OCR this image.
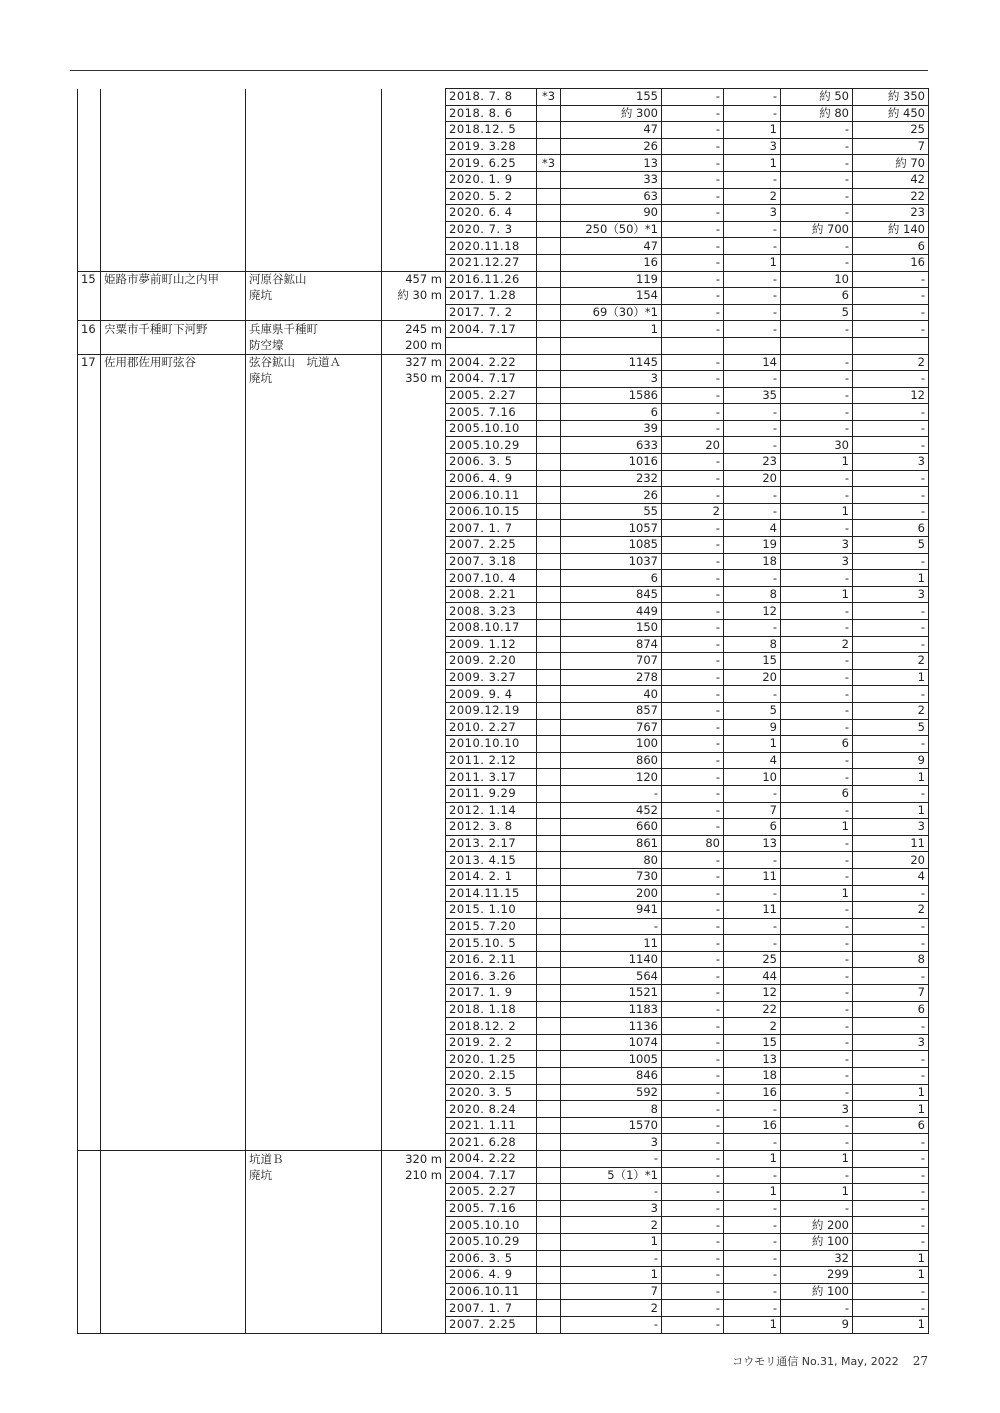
				2018. 7. 8	*3	155	-	-	約 50	約 350
				2018. 8. 6		約 300	-	-	約 80	約 450
				2018.12. 5		47	-	1	-	25
				2019. 3.28		26	-	3	-	7
				2019. 6.25	*3	13	-	1	-	約 70
				2020. 1. 9		33	-	-	-	42
				2020. 5. 2		63	-	2	-	22
				2020. 6. 4		90	-	3	-	23
				2020. 7. 3		250（50）*1	-	-	約 700	約 140
				2020.11.18		47	-	-	-	6
				2021.12.27		16	-	1	-	16
15	姫路市夢前町山之内甲	河原谷鉱山	457 m	2016.11.26		119	-	-	10	-
		廃坑	約 30 m	2017. 1.28		154	-	-	6	-
				2017. 7. 2		69（30）*1	-	-	5	-
16	宍粟市千種町下河野	兵庫県千種町	245 m	2004. 7.17		1	-	-	-	-
		防空壕	200 m							
17	佐用郡佐用町弦谷	弦谷鉱山　坑道Ａ	327 m	2004. 2.22		1145	-	14	-	2
		廃坑	350 m	2004. 7.17		3	-	-	-	-
				2005. 2.27		1586	-	35	-	12
				2005. 7.16		6	-	-	-	-
				2005.10.10		39	-	-	-	-
				2005.10.29		633	20	-	30	-
				2006. 3. 5		1016	-	23	1	3
				2006. 4. 9		232	-	20	-	-
				2006.10.11		26	-	-	-	-
				2006.10.15		55	2	-	1	-
				2007. 1. 7		1057	-	4	-	6
				2007. 2.25		1085	-	19	3	5
				2007. 3.18		1037	-	18	3	-
				2007.10. 4		6	-	-	-	1
				2008. 2.21		845	-	8	1	3
				2008. 3.23		449	-	12	-	-
				2008.10.17		150	-	-	-	-
				2009. 1.12		874	-	8	2	-
				2009. 2.20		707	-	15	-	2
				2009. 3.27		278	-	20	-	1
				2009. 9. 4		40	-	-	-	-
				2009.12.19		857	-	5	-	2
				2010. 2.27		767	-	9	-	5
				2010.10.10		100	-	1	6	-
				2011. 2.12		860	-	4	-	9
				2011. 3.17		120	-	10	-	1
				2011. 9.29		-	-	-	6	-
				2012. 1.14		452	-	7	-	1
				2012. 3. 8		660	-	6	1	3
				2013. 2.17		861	80	13	-	11
				2013. 4.15		80	-	-	-	20
				2014. 2. 1		730	-	11	-	4
				2014.11.15		200	-	-	1	-
				2015. 1.10		941	-	11	-	2
				2015. 7.20		-	-	-	-	-
				2015.10. 5		11	-	-	-	-
				2016. 2.11		1140	-	25	-	8
				2016. 3.26		564	-	44	-	-
				2017. 1. 9		1521	-	12	-	7
				2018. 1.18		1183	-	22	-	6
				2018.12. 2		1136	-	2	-	-
				2019. 2. 2		1074	-	15	-	3
				2020. 1.25		1005	-	13	-	-
				2020. 2.15		846	-	18	-	-
				2020. 3. 5		592	-	16	-	1
				2020. 8.24		8	-	-	3	1
				2021. 1.11		1570	-	16	-	6
				2021. 6.28		3	-	-	-	-
		坑道Ｂ	320 m	2004. 2.22		-	-	1	1	-
		廃坑	210 m	2004. 7.17		5（1）*1	-	-	-	-
				2005. 2.27		-	-	1	1	-
				2005. 7.16		3	-	-	-	-
				2005.10.10		2	-	-	約 200	-
				2005.10.29		1	-	-	約 100	-
				2006. 3. 5		-	-	-	32	1
				2006. 4. 9		1	-	-	299	1
				2006.10.11		7	-	-	約 100	-
				2007. 1. 7		2	-	-	-	-
				2007. 2.25		-	-	1	9	1
コウモリ通信 No.31, May, 2022 27
